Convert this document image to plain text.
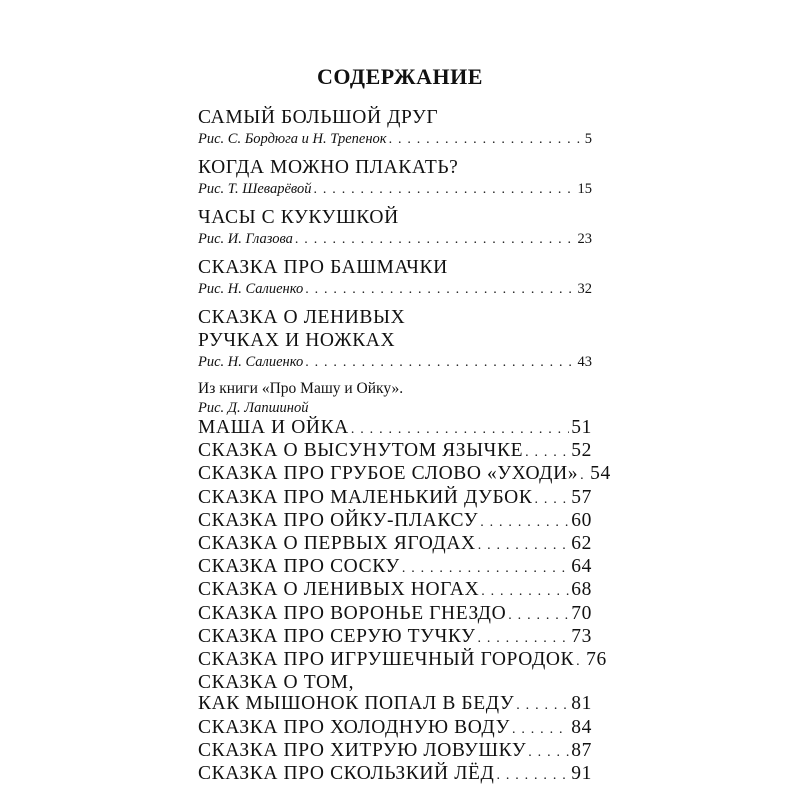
СОДЕРЖАНИЕ
САМЫЙ БОЛЬШОЙ ДРУГ
Рис. С. Бордюга и Н. Трепенок . . .	5
КОГДА МОЖНО ПЛАКАТЬ?
Рис. Т. Шеварёвой . . .	15
ЧАСЫ С КУКУШКОЙ
Рис. И. Глазова . . .	23
СКАЗКА ПРО БАШМАЧКИ
Рис. Н. Салиенко . . .	32
СКАЗКА О ЛЕНИВЫХ
РУЧКАХ И НОЖКАХ
Рис. Н. Салиенко . . .	43
Из книги «Про Машу и Ойку».
Рис. Д. Лапшиной
МАША И ОЙКА . . .	51
СКАЗКА О ВЫСУНУТОМ ЯЗЫЧКЕ . . . 52
СКАЗКА ПРО ГРУБОЕ СЛОВО «УХОДИ» . . . 54
СКАЗКА ПРО МАЛЕНЬКИЙ ДУБОК . . . 57
СКАЗКА ПРО ОЙКУ-ПЛАКСУ . . .	60
СКАЗКА О ПЕРВЫХ ЯГОДАХ . . .	62
СКАЗКА ПРО СОСКУ . . .	64
СКАЗКА О ЛЕНИВЫХ НОГАХ . . .	68
СКАЗКА ПРО ВОРОНЬЕ ГНЕЗДО . . .	70
СКАЗКА ПРО СЕРУЮ ТУЧКУ . . .	73
СКАЗКА ПРО ИГРУШЕЧНЫЙ ГОРОДОК . . . 76
СКАЗКА О ТОМ,
КАК МЫШОНОК ПОПАЛ В БЕДУ . . .	81
СКАЗКА ПРО ХОЛОДНУЮ ВОДУ . . .	84
СКАЗКА ПРО ХИТРУЮ ЛОВУШКУ . . . 87
СКАЗКА ПРО СКОЛЬЗКИЙ ЛЁД . . .	91
